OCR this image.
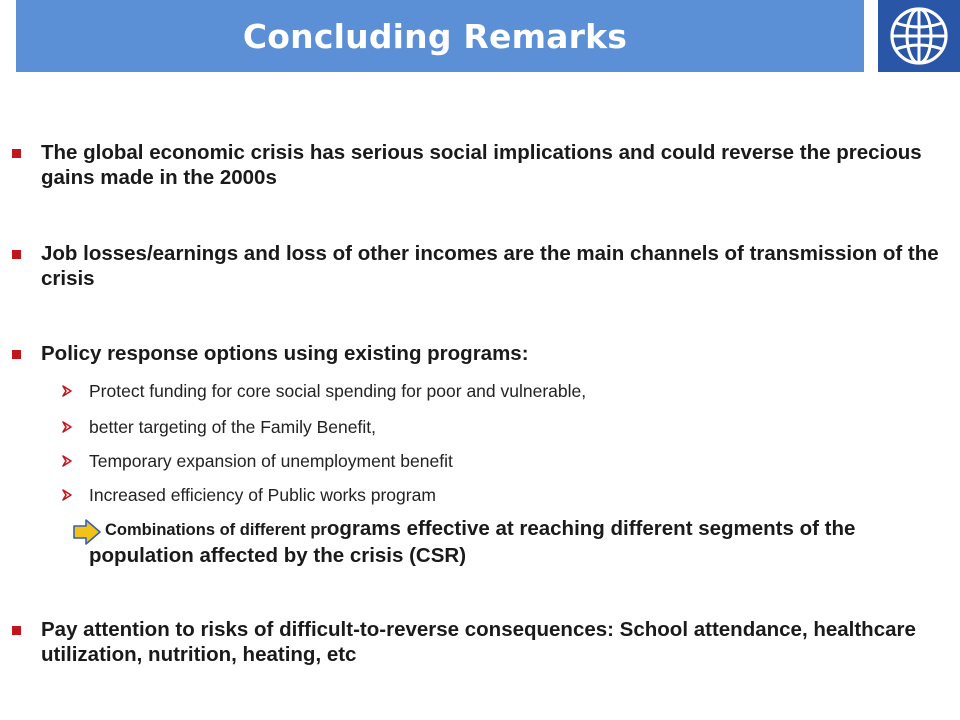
Concluding Remarks
The global economic crisis has serious social implications and could reverse the precious gains made in the 2000s
Job losses/earnings and loss of other incomes are the main channels of transmission of the crisis
Policy response options using existing programs:
Protect funding for core social spending for poor and vulnerable,
better targeting of the Family Benefit,
Temporary expansion of unemployment benefit
Increased efficiency of Public works program
Combinations of different programs effective at reaching different segments of the population affected by the crisis (CSR)
Pay attention to risks of difficult-to-reverse consequences: School attendance, healthcare utilization, nutrition, heating, etc
